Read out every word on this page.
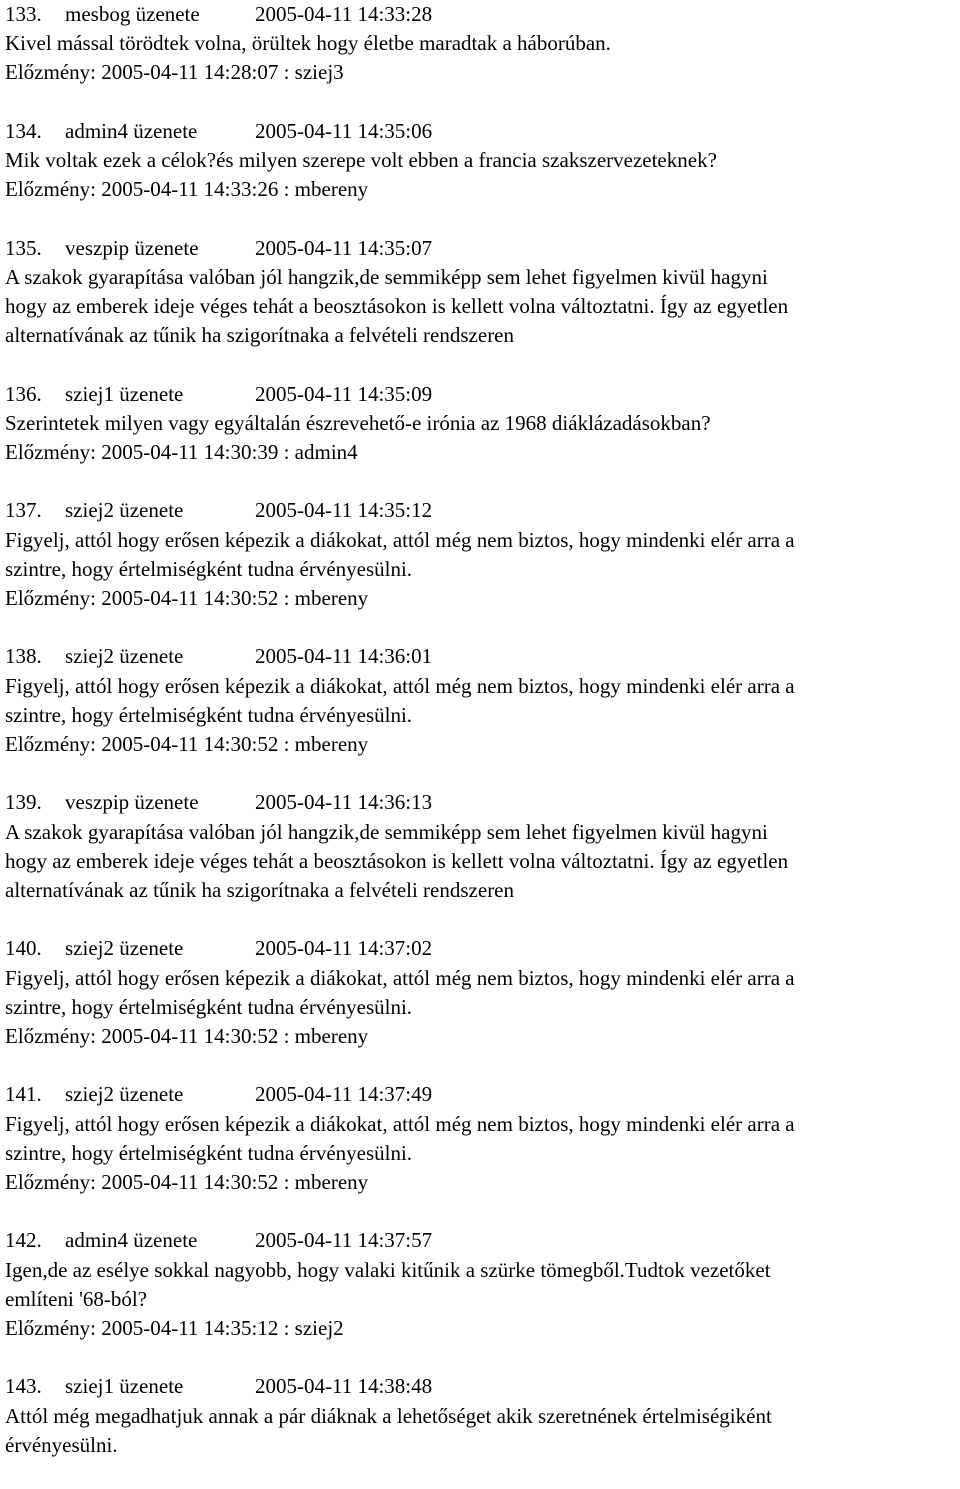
133. mesbog üzenete	2005-04-11 14:33:28
Kivel mással törödtek volna, örültek hogy életbe maradtak a háborúban.
Előzmény: 2005-04-11 14:28:07 : sziej3
134. admin4 üzenete	2005-04-11 14:35:06
Mik voltak ezek a célok?és milyen szerepe volt ebben a francia szakszervezeteknek?
Előzmény: 2005-04-11 14:33:26 : mbereny
135. veszpip üzenete	2005-04-11 14:35:07
A szakok gyarapítása valóban jól hangzik,de semmiképp sem lehet figyelmen kivül hagyni
hogy az emberek ideje véges tehát a beosztásokon is kellett volna változtatni. Így az egyetlen
alternatívának az tűnik ha szigorítnaka a felvételi rendszeren
136. sziej1 üzenete	2005-04-11 14:35:09
Szerintetek milyen vagy egyáltalán észrevehető-e irónia az 1968 diáklázadásokban?
Előzmény: 2005-04-11 14:30:39 : admin4
137. sziej2 üzenete	2005-04-11 14:35:12
Figyelj, attól hogy erősen képezik a diákokat, attól még nem biztos, hogy mindenki elér arra a
szintre, hogy értelmiségként tudna érvényesülni.
Előzmény: 2005-04-11 14:30:52 : mbereny
138. sziej2 üzenete	2005-04-11 14:36:01
Figyelj, attól hogy erősen képezik a diákokat, attól még nem biztos, hogy mindenki elér arra a
szintre, hogy értelmiségként tudna érvényesülni.
Előzmény: 2005-04-11 14:30:52 : mbereny
139. veszpip üzenete	2005-04-11 14:36:13
A szakok gyarapítása valóban jól hangzik,de semmiképp sem lehet figyelmen kivül hagyni
hogy az emberek ideje véges tehát a beosztásokon is kellett volna változtatni. Így az egyetlen
alternatívának az tűnik ha szigorítnaka a felvételi rendszeren
140. sziej2 üzenete	2005-04-11 14:37:02
Figyelj, attól hogy erősen képezik a diákokat, attól még nem biztos, hogy mindenki elér arra a
szintre, hogy értelmiségként tudna érvényesülni.
Előzmény: 2005-04-11 14:30:52 : mbereny
141. sziej2 üzenete	2005-04-11 14:37:49
Figyelj, attól hogy erősen képezik a diákokat, attól még nem biztos, hogy mindenki elér arra a
szintre, hogy értelmiségként tudna érvényesülni.
Előzmény: 2005-04-11 14:30:52 : mbereny
142. admin4 üzenete	2005-04-11 14:37:57
Igen,de az esélye sokkal nagyobb, hogy valaki kitűnik a szürke tömegből.Tudtok vezetőket
említeni '68-ból?
Előzmény: 2005-04-11 14:35:12 : sziej2
143. sziej1 üzenete	2005-04-11 14:38:48
Attól még megadhatjuk annak a pár diáknak a lehetőséget akik szeretnének értelmiségiként
érvényesülni.
